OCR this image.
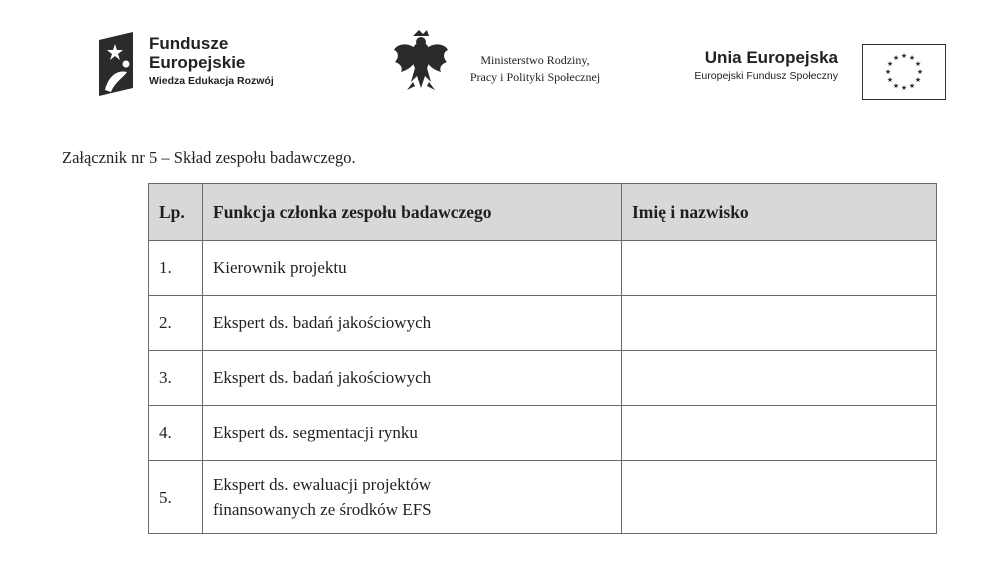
Fundusze
Europejskie
Wiedza Edukacja Rozwój
Ministerstwo Rodziny,
Pracy i Polityki Społecznej
Unia Europejska
Europejski Fundusz Społeczny
★ ★
★
★
★
★
★
★
★
★
★
★
Załącznik nr 5 – Skład zespołu badawczego.
Lp.	Funkcja członka zespołu badawczego	Imię i nazwisko
1.	Kierownik projektu	
2.	Ekspert ds. badań jakościowych	
3.	Ekspert ds. badań jakościowych	
4.	Ekspert ds. segmentacji rynku	
5.	Ekspert ds. ewaluacji projektów
finansowanych ze środków EFS	
